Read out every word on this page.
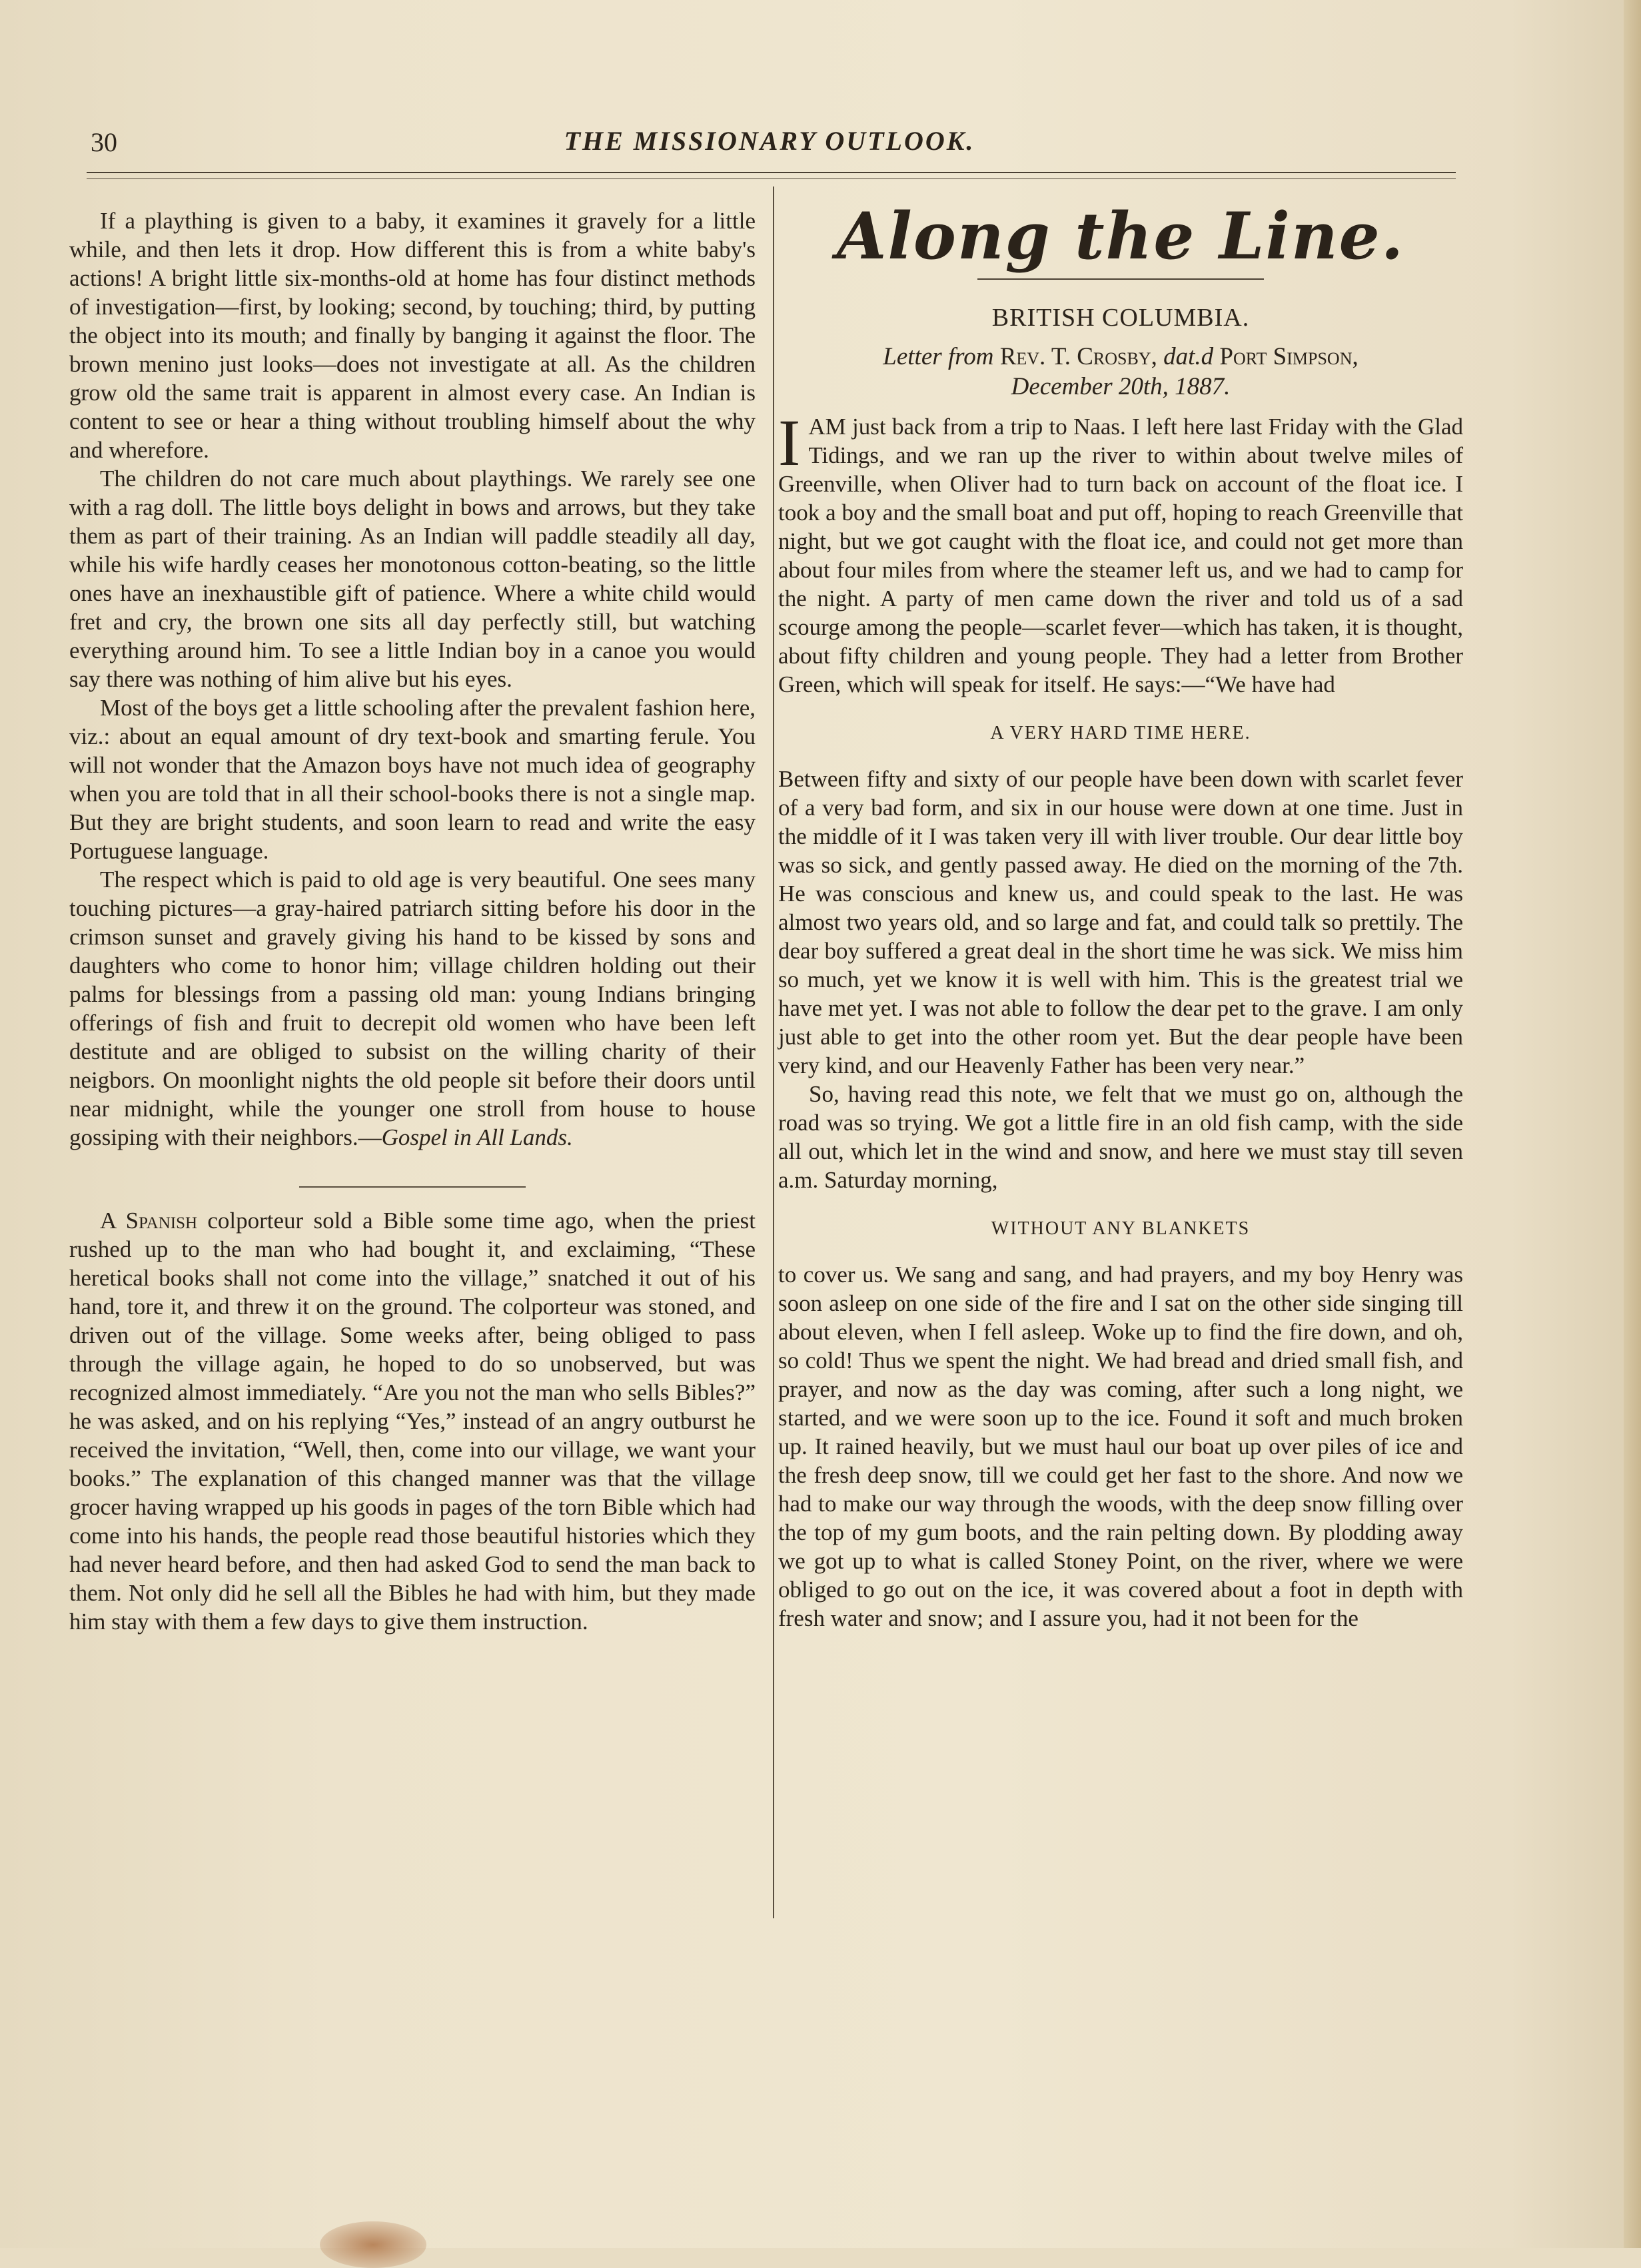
30	THE MISSIONARY OUTLOOK.

If a plaything is given to a baby, it examines it gravely for a little while, and then lets it drop. How different this is from a white baby's actions! A bright little six-months-old at home has four distinct methods of investigation—first, by looking; second, by touching; third, by putting the object into its mouth; and finally by banging it against the floor. The brown menino just looks—does not investigate at all. As the children grow old the same trait is apparent in almost every case. An Indian is content to see or hear a thing without troubling himself about the why and wherefore.

The children do not care much about playthings. We rarely see one with a rag doll. The little boys delight in bows and arrows, but they take them as part of their training. As an Indian will paddle steadily all day, while his wife hardly ceases her monotonous cotton-beating, so the little ones have an inexhaustible gift of patience. Where a white child would fret and cry, the brown one sits all day perfectly still, but watching everything around him. To see a little Indian boy in a canoe you would say there was nothing of him alive but his eyes.

Most of the boys get a little schooling after the prevalent fashion here, viz.: about an equal amount of dry text-book and smarting ferule. You will not wonder that the Amazon boys have not much idea of geography when you are told that in all their school-books there is not a single map. But they are bright students, and soon learn to read and write the easy Portuguese language.

The respect which is paid to old age is very beautiful. One sees many touching pictures—a gray-haired patriarch sitting before his door in the crimson sunset and gravely giving his hand to be kissed by sons and daughters who come to honor him; village children holding out their palms for blessings from a passing old man: young Indians bringing offerings of fish and fruit to decrepit old women who have been left destitute and are obliged to subsist on the willing charity of their neigbors. On moonlight nights the old people sit before their doors until near midnight, while the younger one stroll from house to house gossiping with their neighbors.—Gospel in All Lands.

A Spanish colporteur sold a Bible some time ago, when the priest rushed up to the man who had bought it, and exclaiming, “These heretical books shall not come into the village,” snatched it out of his hand, tore it, and threw it on the ground. The colporteur was stoned, and driven out of the village. Some weeks after, being obliged to pass through the village again, he hoped to do so unobserved, but was recognized almost immediately. “Are you not the man who sells Bibles?” he was asked, and on his replying “Yes,” instead of an angry outburst he received the invitation, “Well, then, come into our village, we want your books.” The explanation of this changed manner was that the village grocer having wrapped up his goods in pages of the torn Bible which had come into his hands, the people read those beautiful histories which they had never heard before, and then had asked God to send the man back to them. Not only did he sell all the Bibles he had with him, but they made him stay with them a few days to give them instruction.

Along the Line.
BRITISH COLUMBIA.
Letter from Rev. T. Crosby, dat.d Port Simpson,
December 20th, 1887.

I AM just back from a trip to Naas. I left here last Friday with the Glad Tidings, and we ran up the river to within about twelve miles of Greenville, when Oliver had to turn back on account of the float ice. I took a boy and the small boat and put off, hoping to reach Greenville that night, but we got caught with the float ice, and could not get more than about four miles from where the steamer left us, and we had to camp for the night. A party of men came down the river and told us of a sad scourge among the people—scarlet fever—which has taken, it is thought, about fifty children and young people. They had a letter from Brother Green, which will speak for itself. He says:—“We have had

A VERY HARD TIME HERE.

Between fifty and sixty of our people have been down with scarlet fever of a very bad form, and six in our house were down at one time. Just in the middle of it I was taken very ill with liver trouble. Our dear little boy was so sick, and gently passed away. He died on the morning of the 7th. He was conscious and knew us, and could speak to the last. He was almost two years old, and so large and fat, and could talk so prettily. The dear boy suffered a great deal in the short time he was sick. We miss him so much, yet we know it is well with him. This is the greatest trial we have met yet. I was not able to follow the dear pet to the grave. I am only just able to get into the other room yet. But the dear people have been very kind, and our Heavenly Father has been very near.”

So, having read this note, we felt that we must go on, although the road was so trying. We got a little fire in an old fish camp, with the side all out, which let in the wind and snow, and here we must stay till seven a.m. Saturday morning,

WITHOUT ANY BLANKETS

to cover us. We sang and sang, and had prayers, and my boy Henry was soon asleep on one side of the fire and I sat on the other side singing till about eleven, when I fell asleep. Woke up to find the fire down, and oh, so cold! Thus we spent the night. We had bread and dried small fish, and prayer, and now as the day was coming, after such a long night, we started, and we were soon up to the ice. Found it soft and much broken up. It rained heavily, but we must haul our boat up over piles of ice and the fresh deep snow, till we could get her fast to the shore. And now we had to make our way through the woods, with the deep snow filling over the top of my gum boots, and the rain pelting down. By plodding away we got up to what is called Stoney Point, on the river, where we were obliged to go out on the ice, it was covered about a foot in depth with fresh water and snow; and I assure you, had it not been for the
